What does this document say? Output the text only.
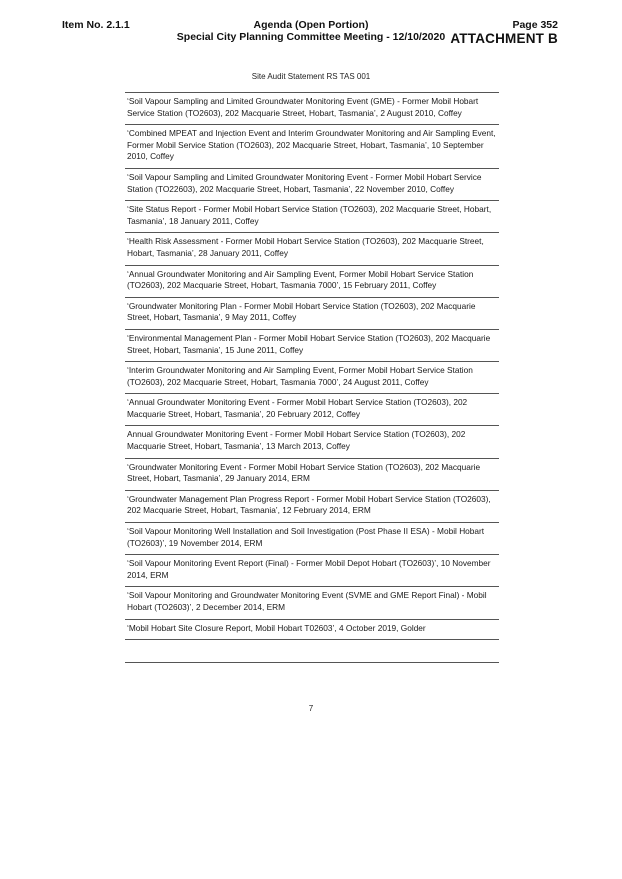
Item No. 2.1.1	Agenda (Open Portion)
Special City Planning Committee Meeting - 12/10/2020
Page 352
ATTACHMENT B
Site Audit Statement RS TAS 001
‘Soil Vapour Sampling and Limited Groundwater Monitoring Event (GME) - Former Mobil Hobart Service Station (TO2603), 202 Macquarie Street, Hobart, Tasmania’, 2 August 2010, Coffey
‘Combined MPEAT and Injection Event and Interim Groundwater Monitoring and Air Sampling Event, Former Mobil Service Station (TO2603), 202 Macquarie Street, Hobart, Tasmania’, 10 September 2010, Coffey
‘Soil Vapour Sampling and Limited Groundwater Monitoring Event - Former Mobil Hobart Service Station (TO22603), 202 Macquarie Street, Hobart, Tasmania’, 22 November 2010, Coffey
‘Site Status Report - Former Mobil Hobart Service Station (TO2603), 202 Macquarie Street, Hobart, Tasmania’, 18 January 2011, Coffey
‘Health Risk Assessment - Former Mobil Hobart Service Station (TO2603), 202 Macquarie Street, Hobart, Tasmania’, 28 January 2011, Coffey
‘Annual Groundwater Monitoring and Air Sampling Event, Former Mobil Hobart Service Station (TO2603), 202 Macquarie Street, Hobart, Tasmania 7000’, 15 February 2011, Coffey
‘Groundwater Monitoring Plan - Former Mobil Hobart Service Station (TO2603), 202 Macquarie Street, Hobart, Tasmania’, 9 May 2011, Coffey
‘Environmental Management Plan - Former Mobil Hobart Service Station (TO2603), 202 Macquarie Street, Hobart, Tasmania’, 15 June 2011, Coffey
‘Interim Groundwater Monitoring and Air Sampling Event, Former Mobil Hobart Service Station (TO2603), 202 Macquarie Street, Hobart, Tasmania 7000’, 24 August 2011, Coffey
‘Annual Groundwater Monitoring Event - Former Mobil Hobart Service Station (TO2603), 202 Macquarie Street, Hobart, Tasmania’, 20 February 2012, Coffey
Annual Groundwater Monitoring Event - Former Mobil Hobart Service Station (TO2603), 202 Macquarie Street, Hobart, Tasmania’, 13 March 2013, Coffey
‘Groundwater Monitoring Event - Former Mobil Hobart Service Station (TO2603), 202 Macquarie Street, Hobart, Tasmania’, 29 January 2014, ERM
‘Groundwater Management Plan Progress Report - Former Mobil Hobart Service Station (TO2603), 202 Macquarie Street, Hobart, Tasmania’, 12 February 2014, ERM
‘Soil Vapour Monitoring Well Installation and Soil Investigation (Post Phase II ESA) - Mobil Hobart (TO2603)’, 19 November 2014, ERM
‘Soil Vapour Monitoring Event Report (Final) - Former Mobil Depot Hobart (TO2603)’, 10 November 2014, ERM
‘Soil Vapour Monitoring and Groundwater Monitoring Event (SVME and GME Report Final) - Mobil Hobart (TO2603)’, 2 December 2014, ERM
‘Mobil Hobart Site Closure Report, Mobil Hobart T02603’, 4 October 2019, Golder
7
